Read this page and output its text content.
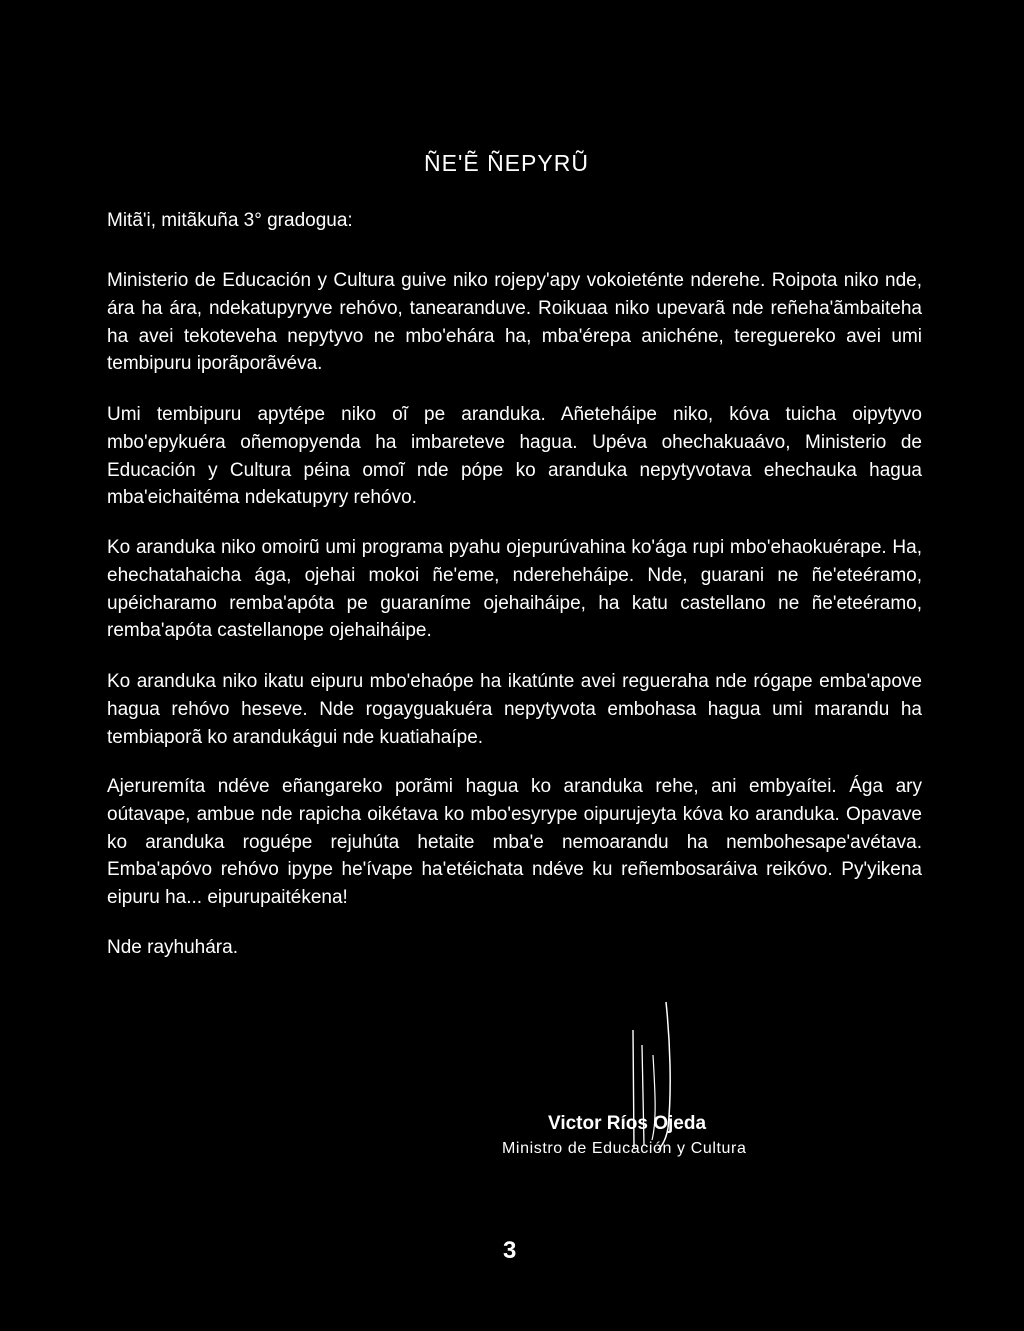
ÑE'Ẽ ÑEPYRŨ
Mitã'i, mitãkuña 3° gradogua:

Ministerio de Educación y Cultura guive niko rojepy'apy vokoieténte nderehe. Roipota niko nde, ára ha ára, ndekatupyryve rehóvo, tanearanduve. Roikuaa niko upevarã nde reñeha'ãmbaiteha ha avei tekoteveha nepytyvo ne mbo'ehára ha, mba'érepa anichéne, tereguereko avei umi tembipuru iporãporãvéva.

Umi tembipuru apytépe niko oĩ pe aranduka. Añeteháipe niko, kóva tuicha oipytyvo mbo'epykuéra oñemopyenda ha imbareteve hagua. Upéva ohechakuaávo, Ministerio de Educación y Cultura péina omoĩ nde pópe ko aranduka nepytyvotava ehechauka hagua mba'eichaitéma ndekatupyry rehóvo.

Ko aranduka niko omoirũ umi programa pyahu ojepurúvahina ko'ága rupi mbo'ehaokuérape. Ha, ehechatahaicha ága, ojehai mokoi ñe'eme, ndereheháipe. Nde, guarani ne ñe'eteéramo, upéicharamo remba'apóta pe guaraníme ojehaiháipe, ha katu castellano ne ñe'eteéramo, remba'apóta castellanope ojehaiháipe.

Ko aranduka niko ikatu eipuru mbo'ehaópe ha ikatúnte avei regueraha nde rógape emba'apove hagua rehóvo heseve. Nde rogayguakuéra nepytyvota embohasa hagua umi marandu ha tembiaporã ko arandukágui nde kuatiahaípe.

Ajeruremíta ndéve eñangareko porãmi hagua ko aranduka rehe, ani embyaítei. Ága ary oútavape, ambue nde rapicha oikétava ko mbo'esyrype oipurujeyta kóva ko aranduka. Opavave ko aranduka roguépe rejuhúta hetaite mba'e nemoarandu ha nembohesape'avétava. Emba'apóvo rehóvo ipype he'ívape ha'etéichata ndéve ku reñembosaráiva reikóvo. Py'yikena eipuru ha... eipurupaitékena!

Nde rayhuhára.
Victor Ríos Ojeda
Ministro de Educación y Cultura
3
